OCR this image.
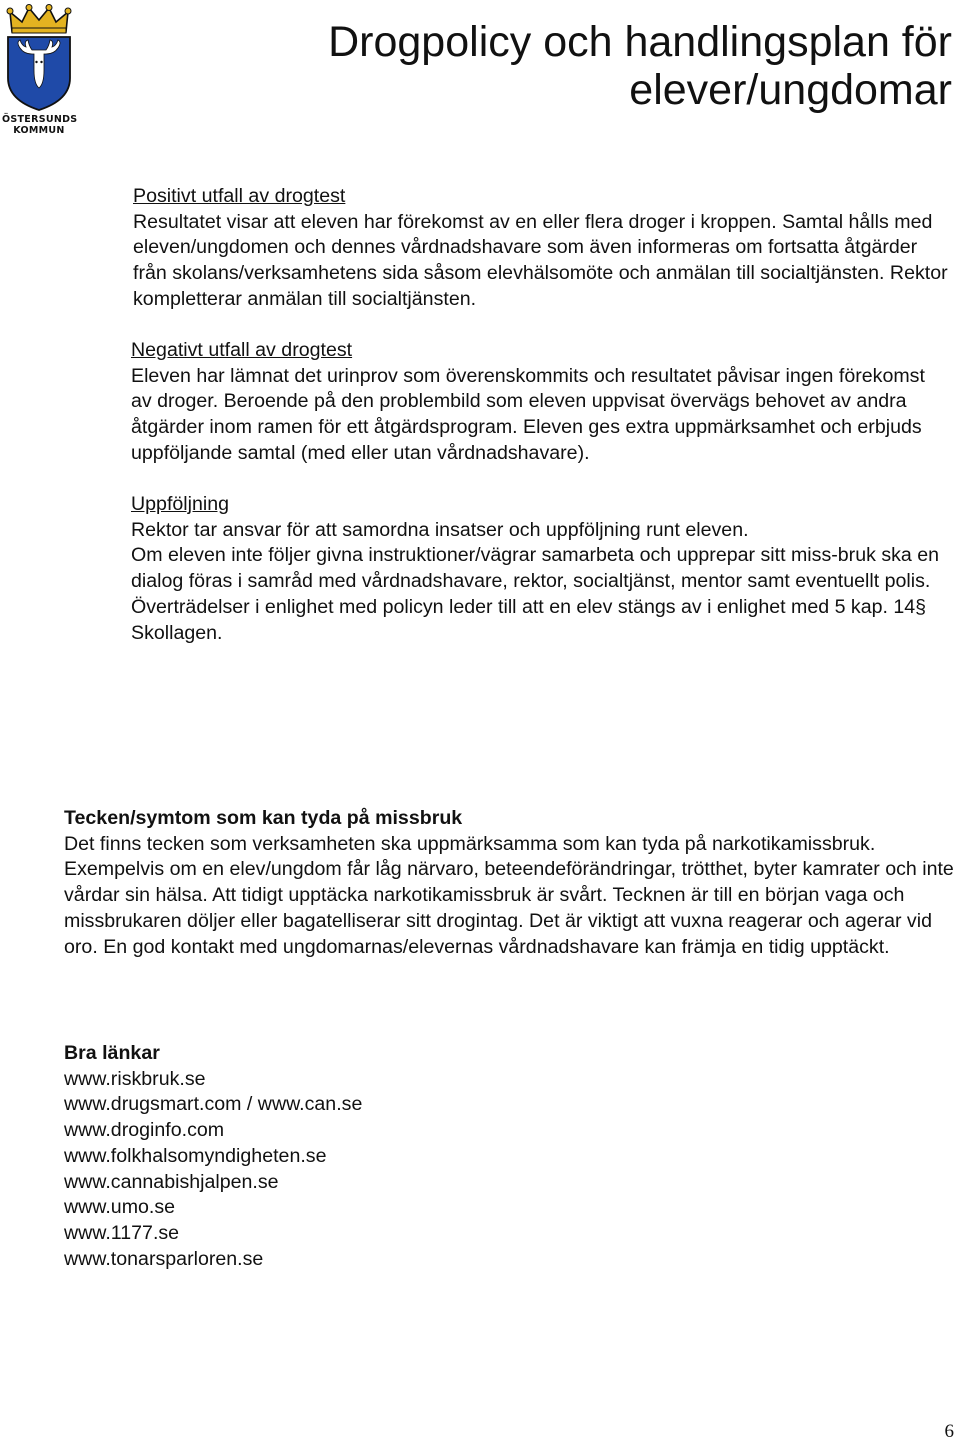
ÖSTERSUNDS
KOMMUN
Drogpolicy och handlingsplan för elever/ungdomar
Positivt utfall av drogtest

Resultatet visar att eleven har förekomst av en eller flera droger i kroppen. Samtal hålls med eleven/ungdomen och dennes vårdnadshavare som även informeras om fortsatta åtgärder från skolans/verksamhetens sida såsom elevhälsomöte och anmälan till socialtjänsten. Rektor kompletterar anmälan till socialtjänsten.

Negativt utfall av drogtest

Eleven har lämnat det urinprov som överenskommits och resultatet påvisar ingen förekomst av droger. Beroende på den problembild som eleven uppvisat övervägs behovet av andra åtgärder inom ramen för ett åtgärdsprogram. Eleven ges extra uppmärksamhet och erbjuds uppföljande samtal (med eller utan vårdnadshavare).

Uppföljning

Rektor tar ansvar för att samordna insatser och uppföljning runt eleven.

Om eleven inte följer givna instruktioner/vägrar samarbeta och upprepar sitt miss-bruk ska en dialog föras i samråd med vårdnadshavare, rektor, socialtjänst, mentor samt eventuellt polis. Överträdelser i enlighet med policyn leder till att en elev stängs av i enlighet med 5 kap. 14§ Skollagen.

Tecken/symtom som kan tyda på missbruk

Det finns tecken som verksamheten ska uppmärksamma som kan tyda på narkotikamissbruk. Exempelvis om en elev/ungdom får låg närvaro, beteendeförändringar, trötthet, byter kamrater och inte vårdar sin hälsa. Att tidigt upptäcka narkotikamissbruk är svårt. Tecknen är till en början vaga och missbrukaren döljer eller bagatelliserar sitt drogintag. Det är viktigt att vuxna reagerar och agerar vid oro. En god kontakt med ungdomarnas/elevernas vårdnadshavare kan främja en tidig upptäckt.

Bra länkar
www.riskbruk.se
www.drugsmart.com / www.can.se
www.droginfo.com
www.folkhalsomyndigheten.se
www.cannabishjalpen.se
www.umo.se
www.1177.se
www.tonarsparloren.se
6
